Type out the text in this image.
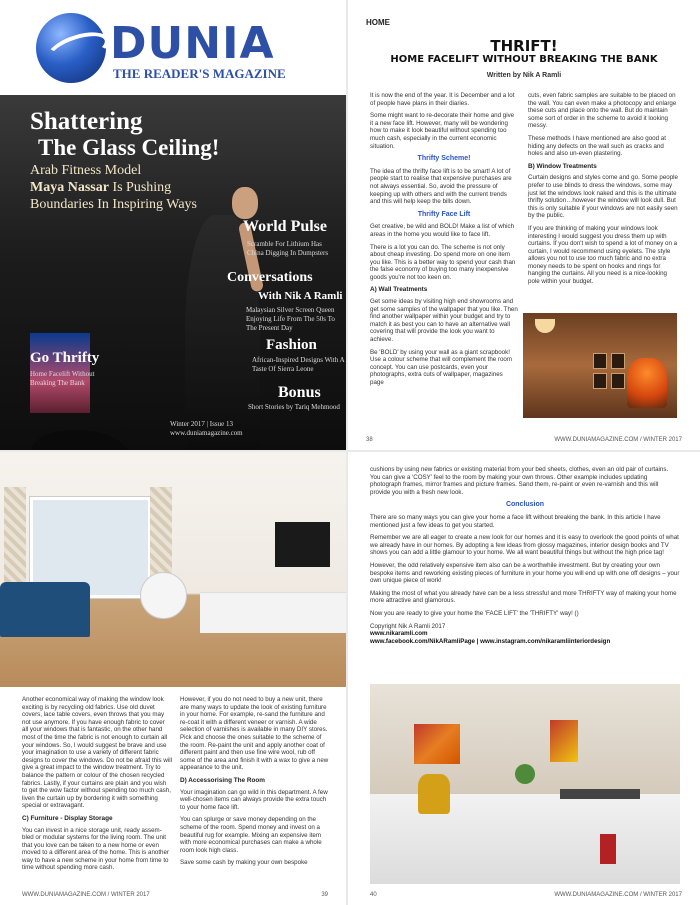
DUNIA
THE READER'S MAGAZINE
Shattering
The Glass Ceiling!
Arab Fitness Model
Maya Nassar Is Pushing
Boundaries In Inspiring Ways
World Pulse
Scramble For Lithium Has China Digging In Dumpsters
Conversations
With Nik A Ramli
Malaysian Silver Screen Queen Enjoying Life From The 50s To The Present Day
Fashion
African-Inspired Designs With A Taste Of Sierra Leone
Bonus
Short Stories by Tariq Mehmood
Go Thrifty
Home Facelift Without Breaking The Bank
Winter 2017 | Issue 13
www.duniamagazine.com
HOME
THRIFT!
HOME FACELIFT WITHOUT BREAKING THE BANK
Written by Nik A Ramli

It is now the end of the year. It is December and a lot of people have plans in their diaries.

Some might want to re-decorate their home and give it a new face lift. However, many will be wondering how to make it look beautiful without spending too much cash, especially in the current economic situation.

Thrifty Scheme!

The idea of the thrifty face lift is to be smart! A lot of people start to realise that expensive purchases are not always essential. So, avoid the pressure of keeping up with others and with the current trends and this will help keep the bills down.

Thrifty Face Lift

Get creative, be wild and BOLD! Make a list of which areas in the home you would like to face lift.

There is a lot you can do. The scheme is not only about cheap investing. Do spend more on one item you like. This is a better way to spend your cash than the false economy of buying too many inexpensive goods you're not too keen on.

A) Wall Treatments

Get some ideas by visiting high end showrooms and get some samples of the wallpaper that you like. Then find another wallpaper within your budget and try to match it as best you can to have an alternative wall covering that will provide the look you want to achieve.

Be 'BOLD' by using your wall as a giant scrapbook! Use a colour scheme that will complement the room concept. You can use postcards, even your photographs, extra cuts of wallpaper, magazines page

cuts, even fabric samples are suitable to be placed on the wall. You can even make a photocopy and enlarge these cuts and place onto the wall. But do maintain some sort of order in the scheme to avoid it looking messy.

These methods I have mentioned are also good at hiding any defects on the wall such as cracks and holes and also un-even plastering.

B) Window Treatments

Curtain designs and styles come and go. Some people prefer to use blinds to dress the windows, some may just let the windows look naked and this is the ultimate thrifty solution…however the window will look dull. But this is only suitable if your windows are not easily seen by the public.

If you are thinking of making your windows look interesting I would suggest you dress them up with curtains. If you don't wish to spend a lot of money on a curtain, I would recommend using eyelets. The style allows you not to use too much fabric and no extra money needs to be spent on hooks and rings for hanging the curtains. All you need is a nice-looking pole within your budget.

38	WWW.DUNIAMAGAZINE.COM / WINTER 2017

Another economical way of making the window look exciting is by recycling old fabrics. Use old duvet covers, lace table covers, even throws that you may not use anymore. If you have enough fabric to cover all your windows that is fantastic, on the other hand most of the time the fabric is not enough to curtain all your windows. So, I would suggest be brave and use your imagination to use a variety of different fabric designs to cover the windows. Do not be afraid this will give a great impact to the window treatment. Try to balance the pattern or colour of the chosen recycled fabrics. Lastly, if your curtains are plain and you wish to get the wow factor without spending too much cash, liven the curtain up by bordering it with something special or extravagant.

C) Furniture - Display Storage

You can invest in a nice storage unit, ready assem-bled or modular systems for the living room. The unit that you love can be taken to a new home or even moved to a different area of the home. This is another way to have a new scheme in your home from time to time without spending more cash.

However, if you do not need to buy a new unit, there are many ways to update the look of existing furniture in your home. For example, re-sand the furniture and re-coat it with a different veneer or varnish. A wide selection of varnishes is available in many DIY stores. Pick and choose the ones suitable to the scheme of the room. Re-paint the unit and apply another coat of different paint and then use fine wire wool, rub off some of the area and finish it with a wax to give a new appearance to the unit.

D) Accessorising The Room

Your imagination can go wild in this department. A few well-chosen items can always provide the extra touch to your home face lift.

You can splurge or save money depending on the scheme of the room. Spend money and invest on a beautiful rug for example. Mixing an expensive item with more economical purchases can make a whole room look high class.

Save some cash by making your own bespoke

WWW.DUNIAMAGAZINE.COM / WINTER 2017	39

cushions by using new fabrics or existing material from your bed sheets, clothes, even an old pair of curtains. You can give a 'COSY' feel to the room by making your own throws. Other example includes updating photograph frames, mirror frames and picture frames. Sand them, re-paint or even re-varnish and this will provide you with a fresh new look.

Conclusion

There are so many ways you can give your home a face lift without breaking the bank. In this article I have mentioned just a few ideas to get you started.

Remember we are all eager to create a new look for our homes and it is easy to overlook the good points of what we already have in our homes. By adopting a few ideas from glossy magazines, interior design books and TV shows you can add a little glamour to your home. We all want beautiful things but without the high price tag!

However, the odd relatively expensive item also can be a worthwhile investment. But by creating your own bespoke items and reworking existing pieces of furniture in your home you will end up with one off designs – your own unique piece of work!

Making the most of what you already have can be a less stressful and more THRIFTY way of making your home more attractive and glamorous.

Now you are ready to give your home the 'FACE LIFT' the 'THRIFTY' way! ()

Copyright Nik A Ramli 2017

www.nikaramli.com

www.facebook.com/NikARamliPage | www.instagram.com/nikaramliinteriordesign

40	WWW.DUNIAMAGAZINE.COM / WINTER 2017
